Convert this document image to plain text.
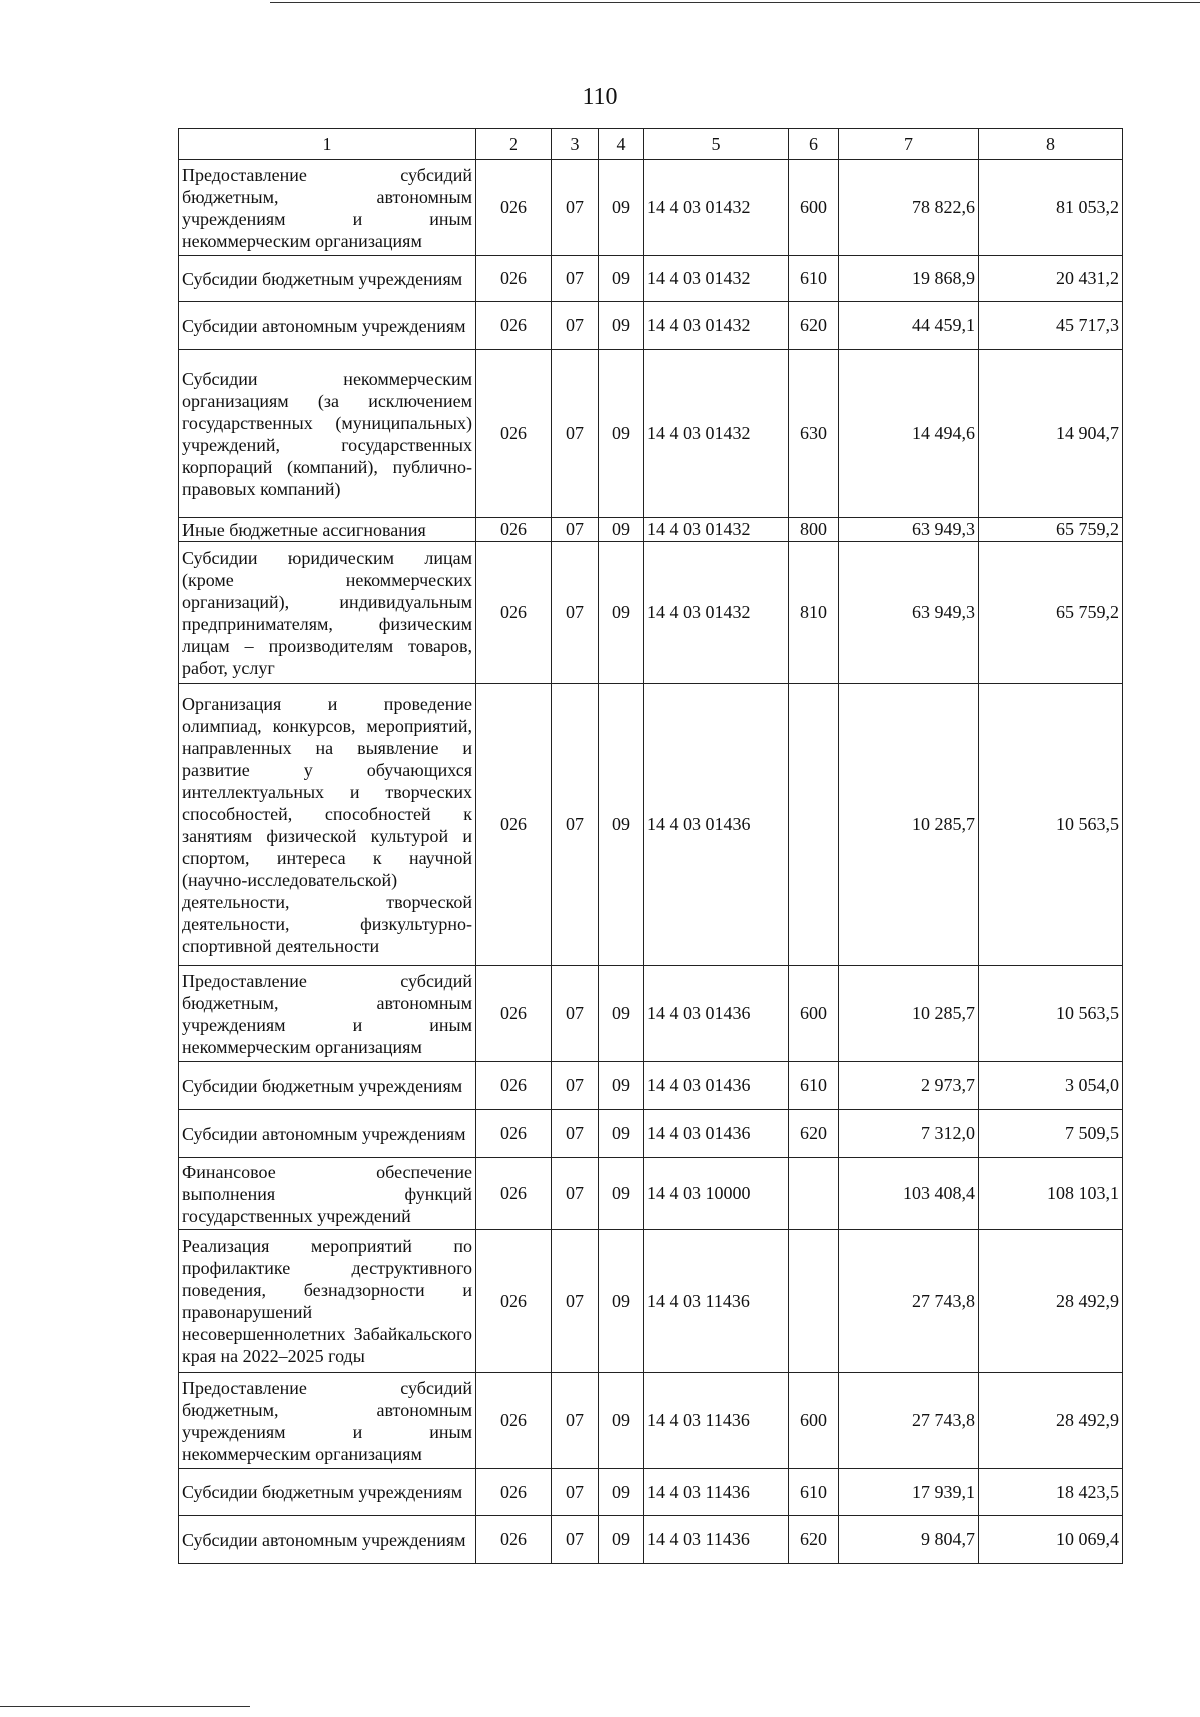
110
1	2	3	4	5	6	7	8
Предоставление субсидий бюджетным, автономным учреждениям и иным некоммерческим организациям	026	07	09	14 4 03 01432	600	78 822,6	81 053,2
Субсидии бюджетным учреждениям	026	07	09	14 4 03 01432	610	19 868,9	20 431,2
Субсидии автономным учреждениям	026	07	09	14 4 03 01432	620	44 459,1	45 717,3
Субсидии некоммерческим организациям (за исключением государственных (муниципальных) учреждений, государственных корпораций (компаний), публично-правовых компаний)	026	07	09	14 4 03 01432	630	14 494,6	14 904,7
Иные бюджетные ассигнования	026	07	09	14 4 03 01432	800	63 949,3	65 759,2
Субсидии юридическим лицам (кроме некоммерческих организаций), индивидуальным предпринимателям, физическим лицам – производителям товаров, работ, услуг	026	07	09	14 4 03 01432	810	63 949,3	65 759,2
Организация и проведение олимпиад, конкурсов, мероприятий, направленных на выявление и развитие у обучающихся интеллектуальных и творческих способностей, способностей к занятиям физической культурой и спортом, интереса к научной (научно-исследовательской) деятельности, творческой деятельности, физкультурно-спортивной деятельности	026	07	09	14 4 03 01436		10 285,7	10 563,5
Предоставление субсидий бюджетным, автономным учреждениям и иным некоммерческим организациям	026	07	09	14 4 03 01436	600	10 285,7	10 563,5
Субсидии бюджетным учреждениям	026	07	09	14 4 03 01436	610	2 973,7	3 054,0
Субсидии автономным учреждениям	026	07	09	14 4 03 01436	620	7 312,0	7 509,5
Финансовое обеспечение выполнения функций государственных учреждений	026	07	09	14 4 03 10000		103 408,4	108 103,1
Реализация мероприятий по профилактике деструктивного поведения, безнадзорности и правонарушений несовершеннолетних Забайкальского края на 2022–2025 годы	026	07	09	14 4 03 11436		27 743,8	28 492,9
Предоставление субсидий бюджетным, автономным учреждениям и иным некоммерческим организациям	026	07	09	14 4 03 11436	600	27 743,8	28 492,9
Субсидии бюджетным учреждениям	026	07	09	14 4 03 11436	610	17 939,1	18 423,5
Субсидии автономным учреждениям	026	07	09	14 4 03 11436	620	9 804,7	10 069,4
